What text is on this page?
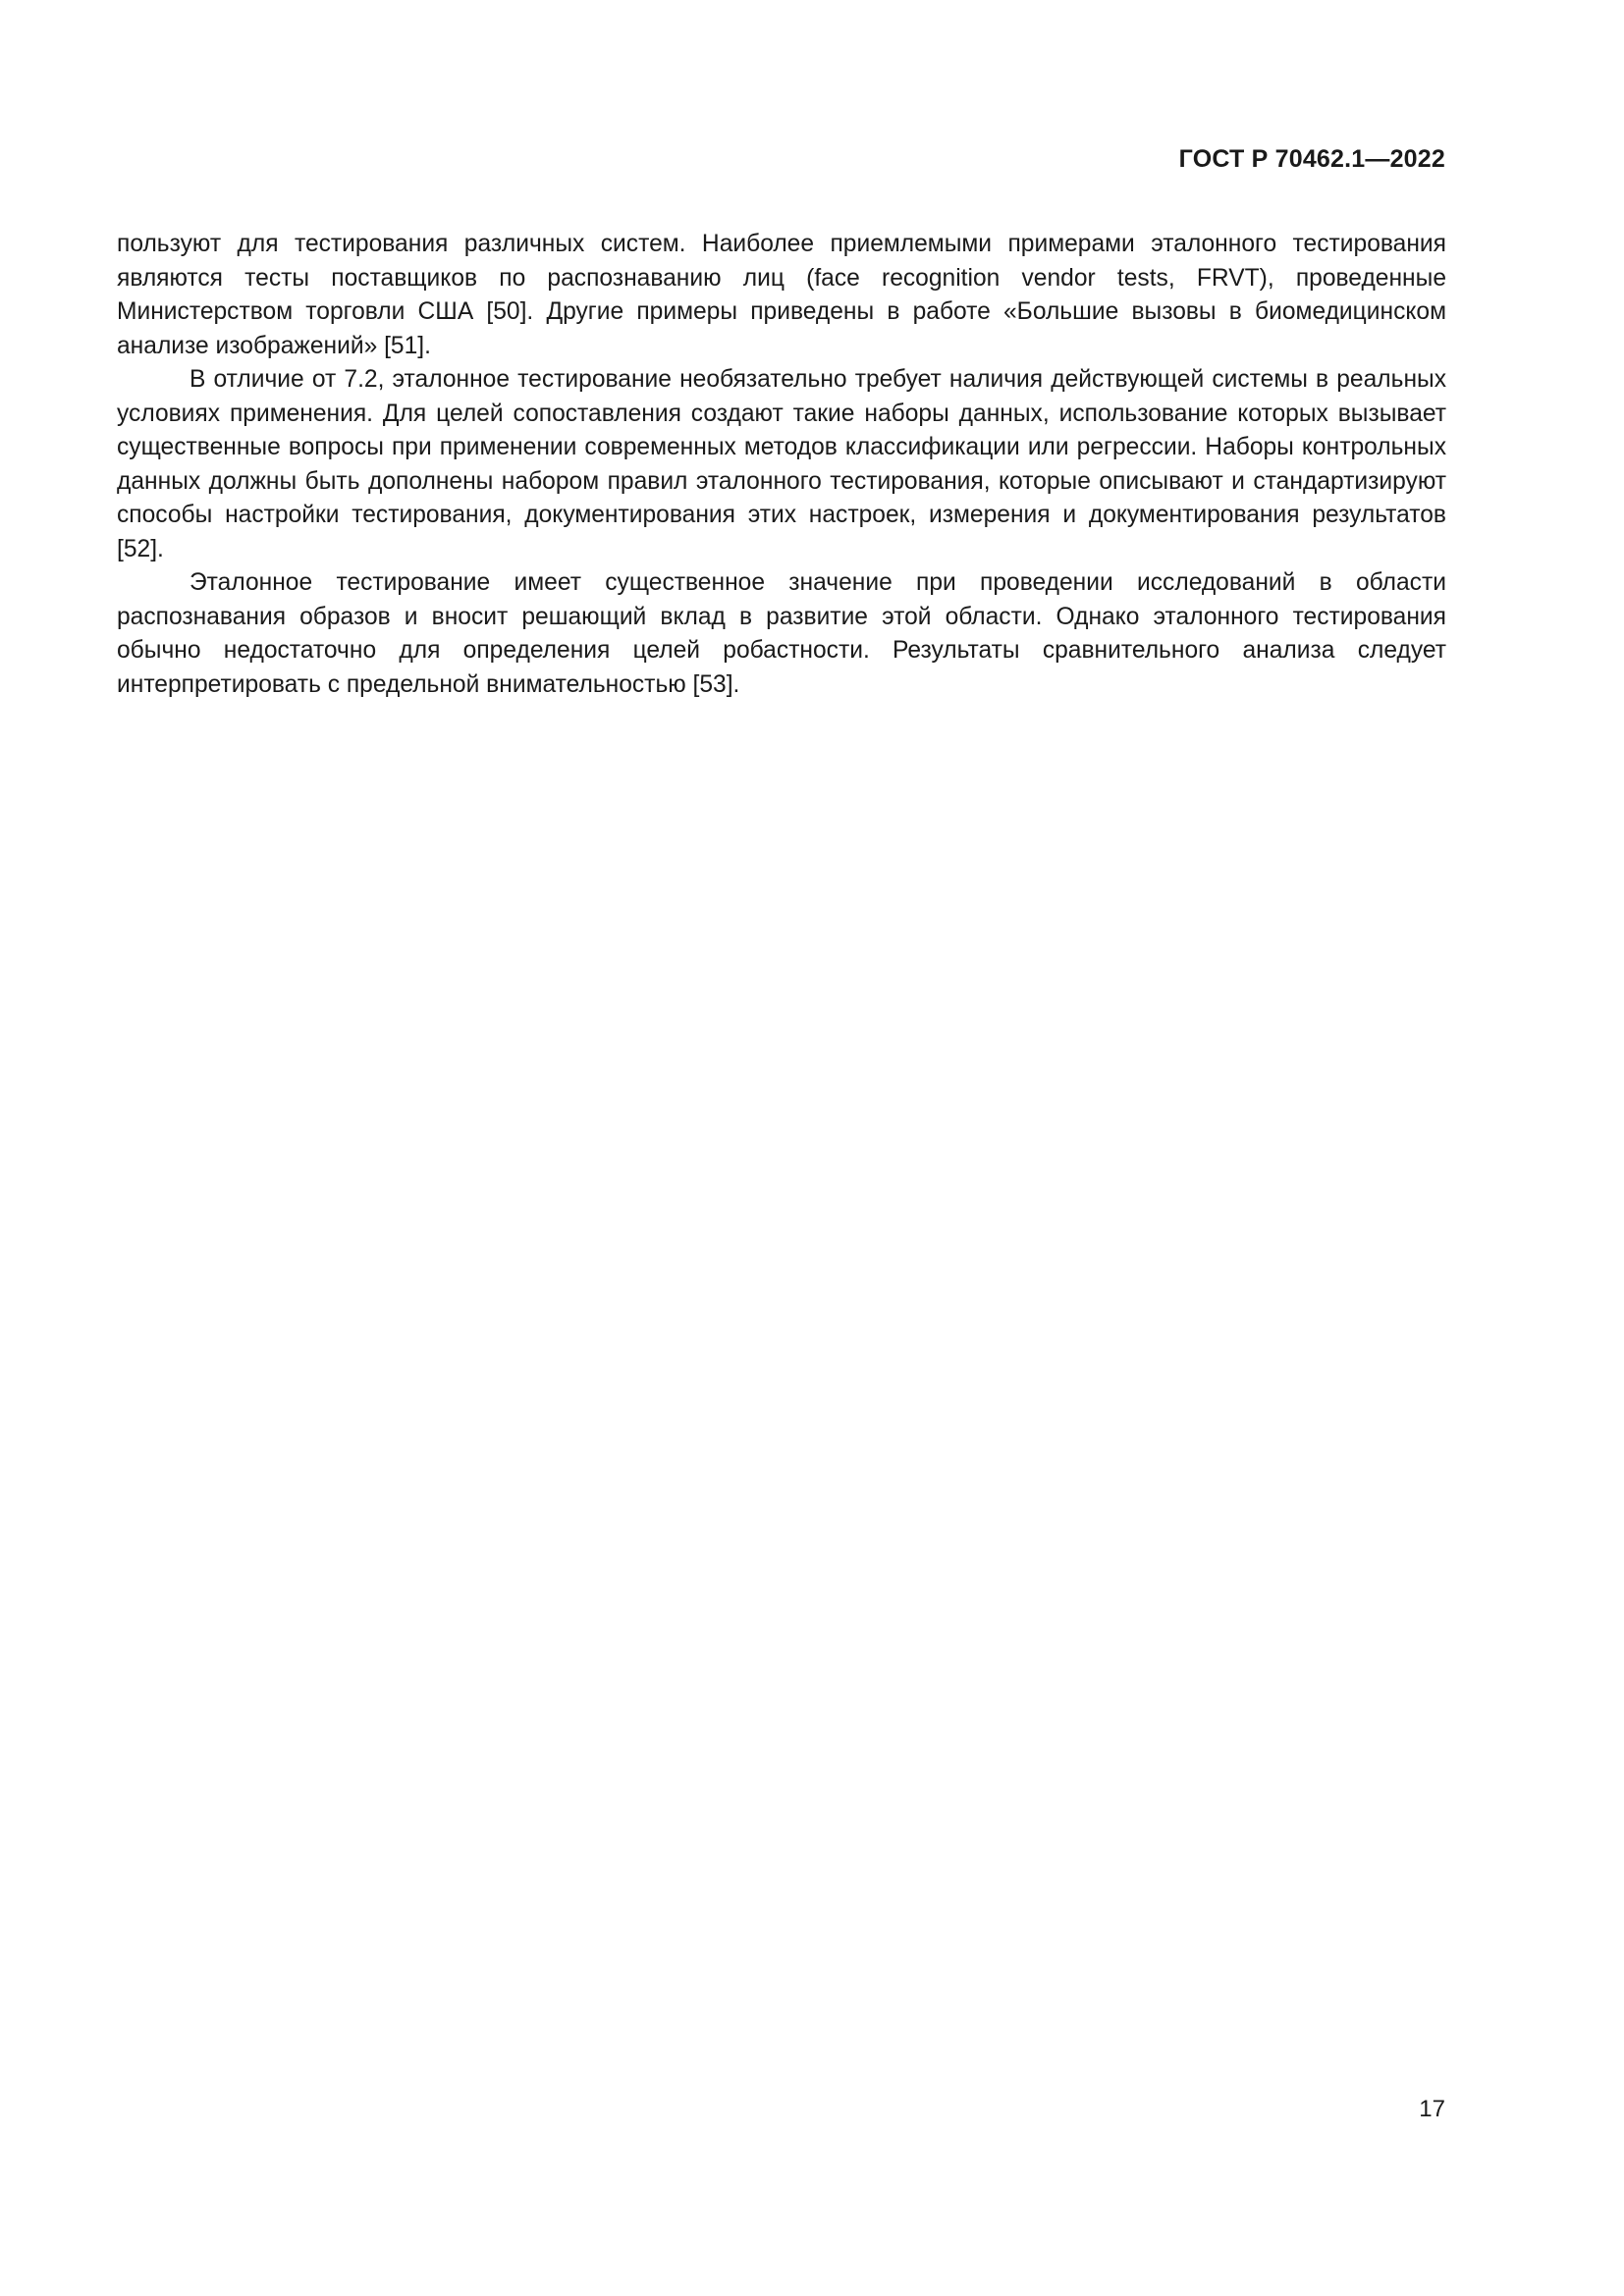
ГОСТ Р 70462.1—2022

пользуют для тестирования различных систем. Наиболее приемлемыми примерами эталонного тестирования являются тесты поставщиков по распознаванию лиц (face recognition vendor tests, FRVT), проведенные Министерством торговли США [50]. Другие примеры приведены в работе «Большие вызовы в биомедицинском анализе изображений» [51].

В отличие от 7.2, эталонное тестирование необязательно требует наличия действующей системы в реальных условиях применения. Для целей сопоставления создают такие наборы данных, использование которых вызывает существенные вопросы при применении современных методов классификации или регрессии. Наборы контрольных данных должны быть дополнены набором правил эталонного тестирования, которые описывают и стандартизируют способы настройки тестирования, документирования этих настроек, измерения и документирования результатов [52].

Эталонное тестирование имеет существенное значение при проведении исследований в области распознавания образов и вносит решающий вклад в развитие этой области. Однако эталонного тестирования обычно недостаточно для определения целей робастности. Результаты сравнительного анализа следует интерпретировать с предельной внимательностью [53].

17
